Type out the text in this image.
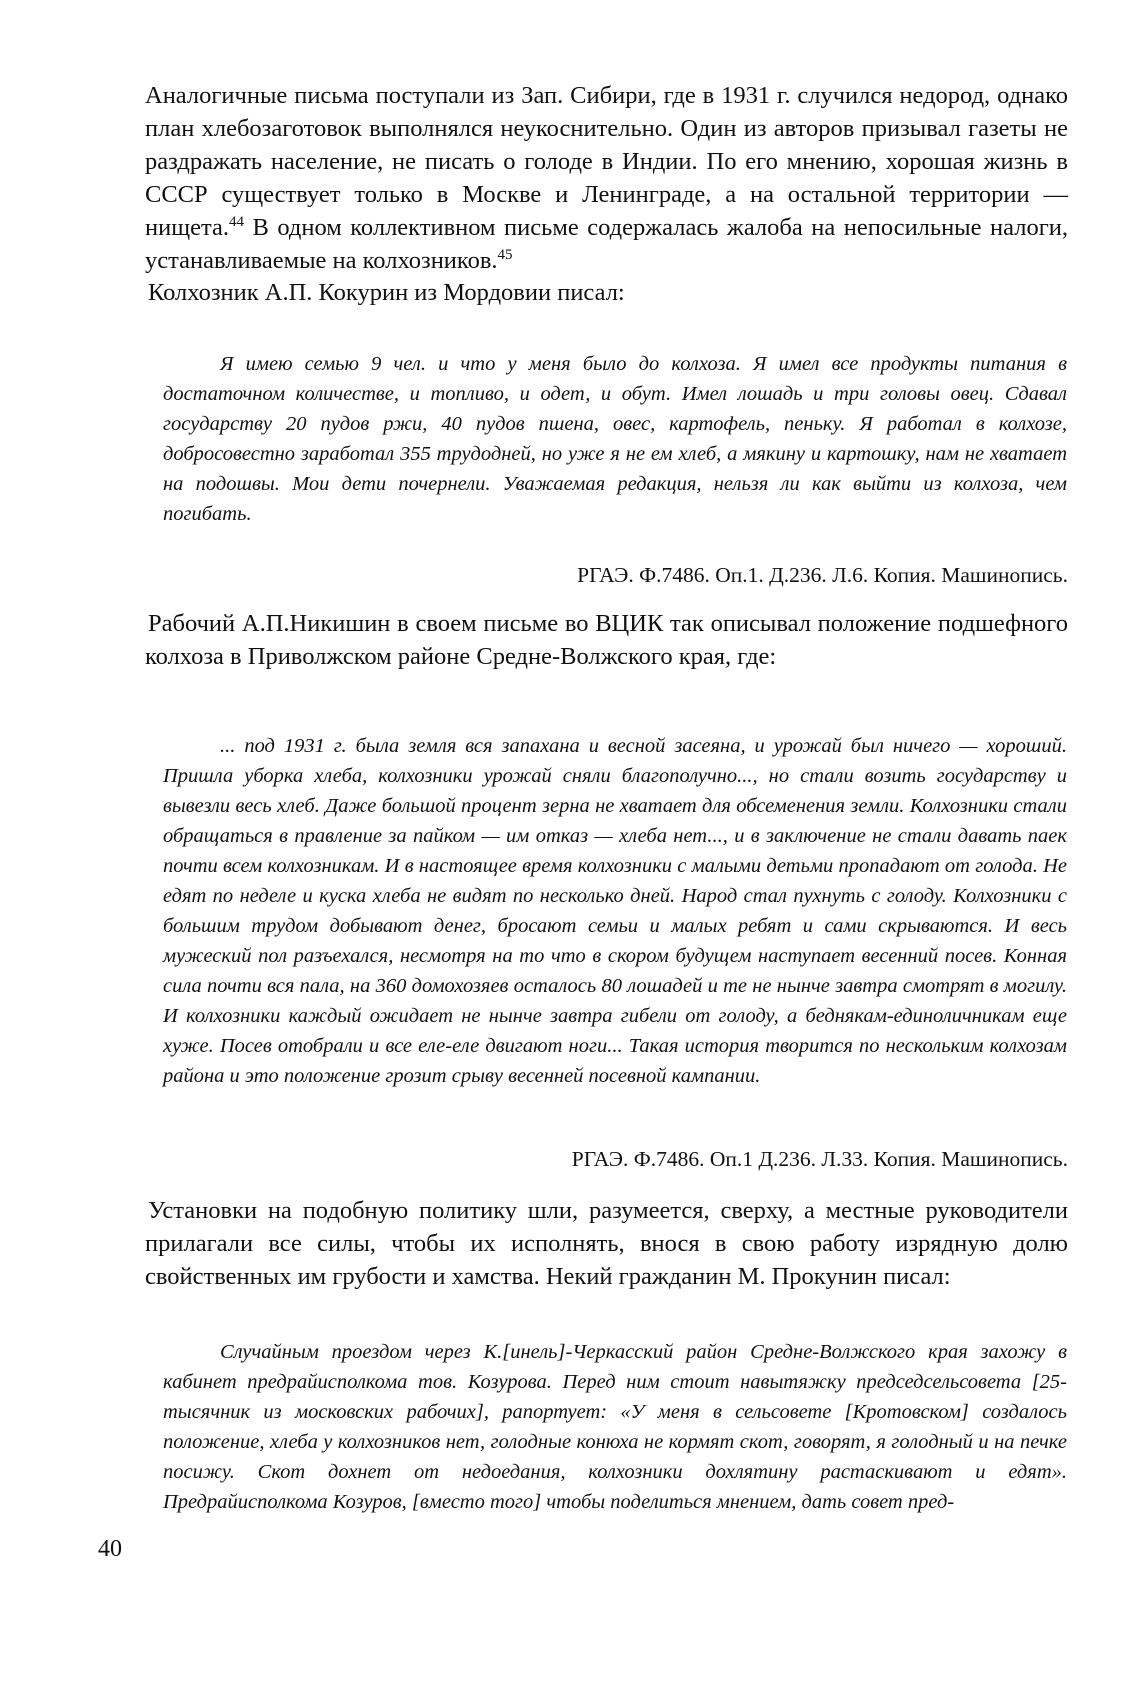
Аналогичные письма поступали из Зап. Сибири, где в 1931 г. случился недород, однако план хлебозаготовок выполнялся неукоснительно. Один из авторов призывал газеты не раздражать население, не писать о голоде в Индии. По его мнению, хорошая жизнь в СССР существует только в Москве и Ленинграде, а на остальной территории — нищета.$^{44}$ В одном коллективном письме содержалась жалоба на непосильные налоги, устанавливаемые на колхозников.$^{45}$

Колхозник А.П. Кокурин из Мордовии писал:

Я имею семью 9 чел. и что у меня было до колхоза. Я имел все продукты питания в достаточном количестве, и топливо, и одет, и обут. Имел лошадь и три головы овец. Сдавал государству 20 пудов ржи, 40 пудов пшена, овес, картофель, пеньку. Я работал в колхозе, добросовестно заработал 355 трудодней, но уже я не ем хлеб, а мякину и картошку, нам не хватает на подошвы. Мои дети почернели. Уважаемая редакция, нельзя ли как выйти из колхоза, чем погибать.

РГАЭ. Ф.7486. Оп.1. Д.236. Л.6. Копия. Машинопись.

Рабочий А.П.Никишин в своем письме во ВЦИК так описывал положение подшефного колхоза в Приволжском районе Средне-Волжского края, где:

... под 1931 г. была земля вся запахана и весной засеяна, и урожай был ничего — хороший. Пришла уборка хлеба, колхозники урожай сняли благополучно..., но стали возить государству и вывезли весь хлеб. Даже большой процент зерна не хватает для обсеменения земли. Колхозники стали обращаться в правление за пайком — им отказ — хлеба нет..., и в заключение не стали давать паек почти всем колхозникам. И в настоящее время колхозники с малыми детьми пропадают от голода. Не едят по неделе и куска хлеба не видят по несколько дней. Народ стал пухнуть с голоду. Колхозники с большим трудом добывают денег, бросают семьи и малых ребят и сами скрываются. И весь мужеский пол разъехался, несмотря на то что в скором будущем наступает весенний посев. Конная сила почти вся пала, на 360 домохозяев осталось 80 лошадей и те не нынче завтра смотрят в могилу. И колхозники каждый ожидает не нынче завтра гибели от голоду, а беднякам-единоличникам еще хуже. Посев отобрали и все еле-еле двигают ноги... Такая история творится по нескольким колхозам района и это положение грозит срыву весенней посевной кампании.

РГАЭ. Ф.7486. Оп.1 Д.236. Л.33. Копия. Машинопись.

Установки на подобную политику шли, разумеется, сверху, а местные руководители прилагали все силы, чтобы их исполнять, внося в свою работу изрядную долю свойственных им грубости и хамства. Некий гражданин М. Прокунин писал:

Случайным проездом через К.[инель]-Черкасский район Средне-Волжского края захожу в кабинет предрайисполкома тов. Козурова. Перед ним стоит навытяжку председсельсовета [25-тысячник из московских рабочих], рапортует: «У меня в сельсовете [Кротовском] создалось положение, хлеба у колхозников нет, голодные конюха не кормят скот, говорят, я голодный и на печке посижу. Скот дохнет от недоедания, колхозники дохлятину растаскивают и едят». Предрайисполкома Козуров, [вместо того] чтобы поделиться мнением, дать совет пред-

40
